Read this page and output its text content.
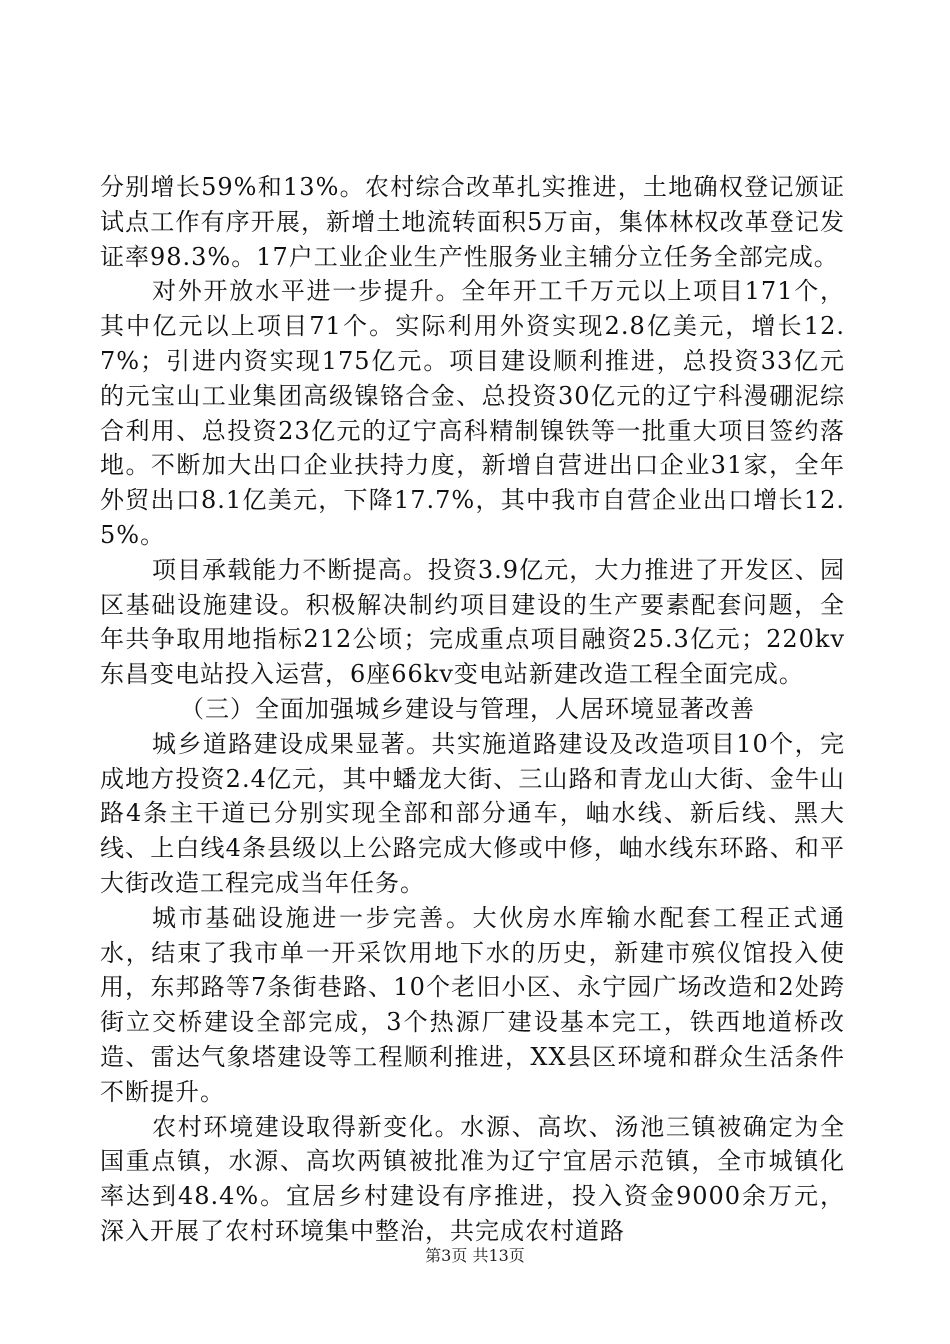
分别增长59%和13%。农村综合改革扎实推进，土地确权登记颁证试点工作有序开展，新增土地流转面积5万亩，集体林权改革登记发证率98.3%。17户工业企业生产性服务业主辅分立任务全部完成。

对外开放水平进一步提升。全年开工千万元以上项目171个，其中亿元以上项目71个。实际利用外资实现2.8亿美元，增长12.7%；引进内资实现175亿元。项目建设顺利推进，总投资33亿元的元宝山工业集团高级镍铬合金、总投资30亿元的辽宁科漫硼泥综合利用、总投资23亿元的辽宁高科精制镍铁等一批重大项目签约落地。不断加大出口企业扶持力度，新增自营进出口企业31家，全年外贸出口8.1亿美元，下降17.7%，其中我市自营企业出口增长12.5%。

项目承载能力不断提高。投资3.9亿元，大力推进了开发区、园区基础设施建设。积极解决制约项目建设的生产要素配套问题，全年共争取用地指标212公顷；完成重点项目融资25.3亿元；220kv东昌变电站投入运营，6座66kv变电站新建改造工程全面完成。

（三）全面加强城乡建设与管理，人居环境显著改善

城乡道路建设成果显著。共实施道路建设及改造项目10个，完成地方投资2.4亿元，其中蟠龙大街、三山路和青龙山大街、金牛山路4条主干道已分别实现全部和部分通车，岫水线、新后线、黑大线、上白线4条县级以上公路完成大修或中修，岫水线东环路、和平大街改造工程完成当年任务。

城市基础设施进一步完善。大伙房水库输水配套工程正式通水，结束了我市单一开采饮用地下水的历史，新建市殡仪馆投入使用，东邦路等7条街巷路、10个老旧小区、永宁园广场改造和2处跨街立交桥建设全部完成，3个热源厂建设基本完工，铁西地道桥改造、雷达气象塔建设等工程顺利推进，XX县区环境和群众生活条件不断提升。

农村环境建设取得新变化。水源、高坎、汤池三镇被确定为全国重点镇，水源、高坎两镇被批准为辽宁宜居示范镇，全市城镇化率达到48.4%。宜居乡村建设有序推进，投入资金9000余万元，深入开展了农村环境集中整治，共完成农村道路

第3页 共13页
